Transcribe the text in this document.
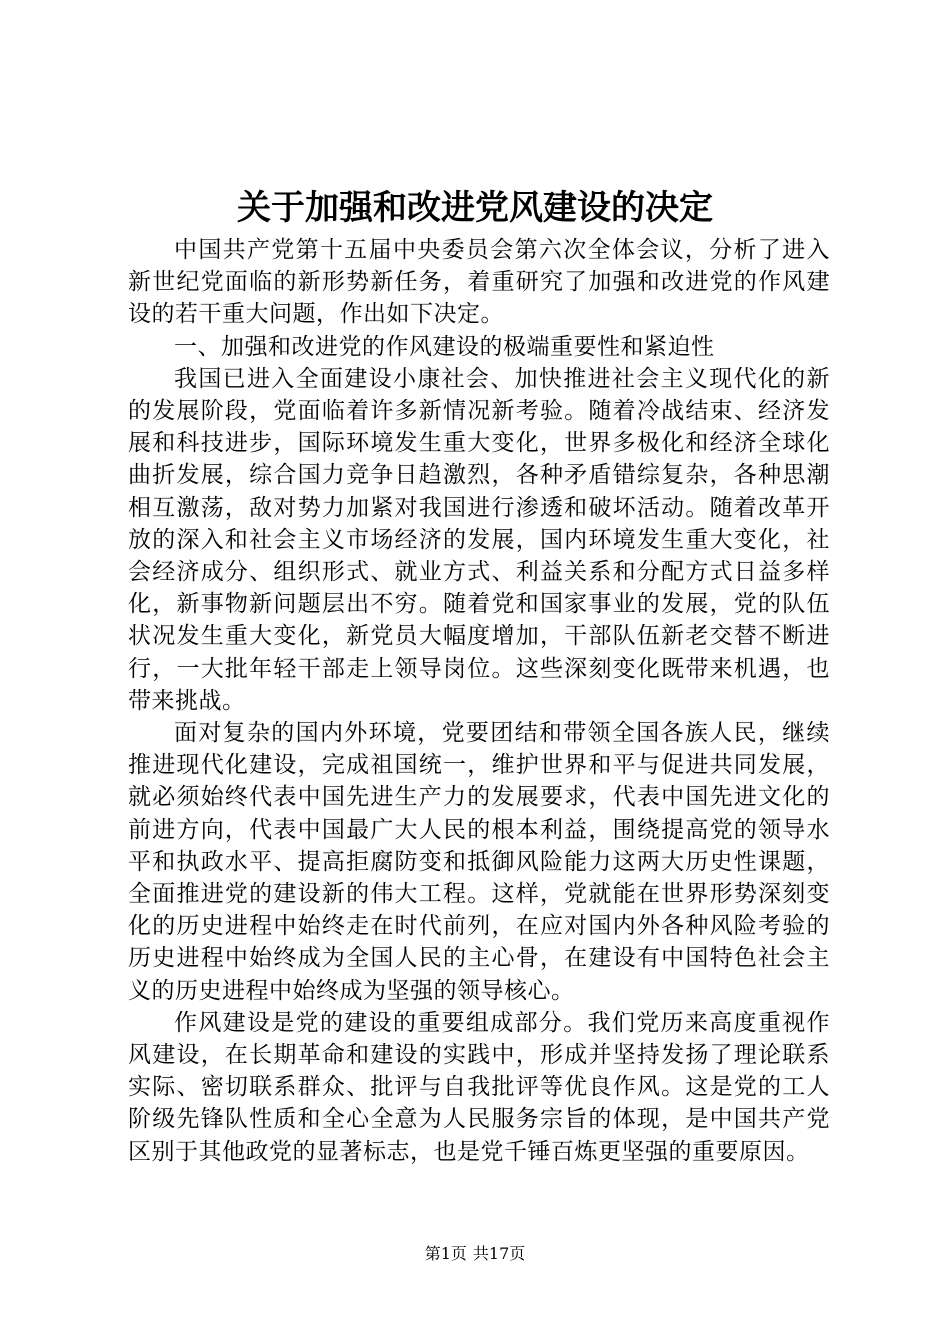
关于加强和改进党风建设的决定

中国共产党第十五届中央委员会第六次全体会议，分析了进入新世纪党面临的新形势新任务，着重研究了加强和改进党的作风建设的若干重大问题，作出如下决定。

一、加强和改进党的作风建设的极端重要性和紧迫性

我国已进入全面建设小康社会、加快推进社会主义现代化的新的发展阶段，党面临着许多新情况新考验。随着冷战结束、经济发展和科技进步，国际环境发生重大变化，世界多极化和经济全球化曲折发展，综合国力竞争日趋激烈，各种矛盾错综复杂，各种思潮相互激荡，敌对势力加紧对我国进行渗透和破坏活动。随着改革开放的深入和社会主义市场经济的发展，国内环境发生重大变化，社会经济成分、组织形式、就业方式、利益关系和分配方式日益多样化，新事物新问题层出不穷。随着党和国家事业的发展，党的队伍状况发生重大变化，新党员大幅度增加，干部队伍新老交替不断进行，一大批年轻干部走上领导岗位。这些深刻变化既带来机遇，也带来挑战。

面对复杂的国内外环境，党要团结和带领全国各族人民，继续推进现代化建设，完成祖国统一，维护世界和平与促进共同发展，就必须始终代表中国先进生产力的发展要求，代表中国先进文化的前进方向，代表中国最广大人民的根本利益，围绕提高党的领导水平和执政水平、提高拒腐防变和抵御风险能力这两大历史性课题，全面推进党的建设新的伟大工程。这样，党就能在世界形势深刻变化的历史进程中始终走在时代前列，在应对国内外各种风险考验的历史进程中始终成为全国人民的主心骨，在建设有中国特色社会主义的历史进程中始终成为坚强的领导核心。

作风建设是党的建设的重要组成部分。我们党历来高度重视作风建设，在长期革命和建设的实践中，形成并坚持发扬了理论联系实际、密切联系群众、批评与自我批评等优良作风。这是党的工人阶级先锋队性质和全心全意为人民服务宗旨的体现，是中国共产党区别于其他政党的显著标志，也是党千锤百炼更坚强的重要原因。

第1页 共17页
